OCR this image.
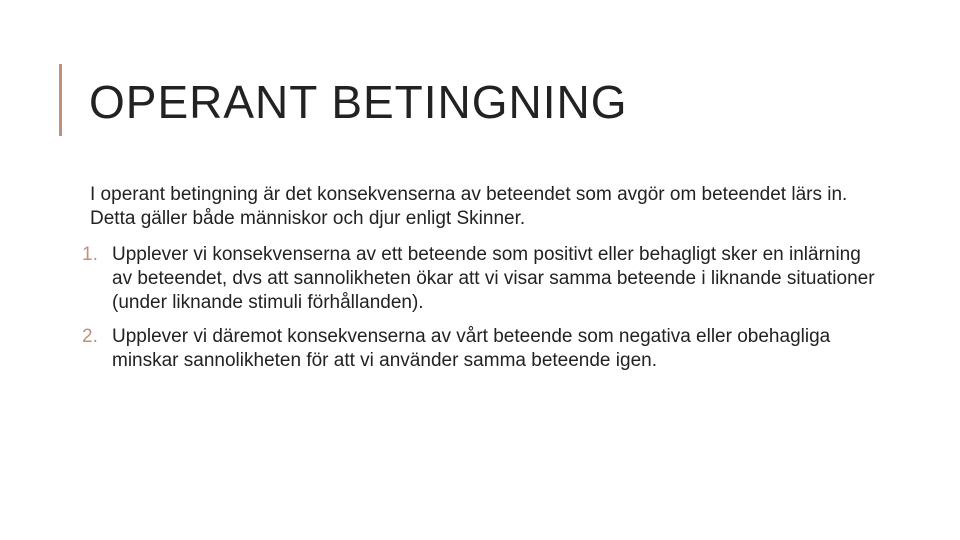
OPERANT BETINGNING

I operant betingning är det konsekvenserna av beteendet som avgör om beteendet lärs in. Detta gäller både människor och djur enligt Skinner.

1. Upplever vi konsekvenserna av ett beteende som positivt eller behagligt sker en inlärning av beteendet, dvs att sannolikheten ökar att vi visar samma beteende i liknande situationer (under liknande stimuli förhållanden).
2. Upplever vi däremot konsekvenserna av vårt beteende som negativa eller obehagliga minskar sannolikheten för att vi använder samma beteende igen.
